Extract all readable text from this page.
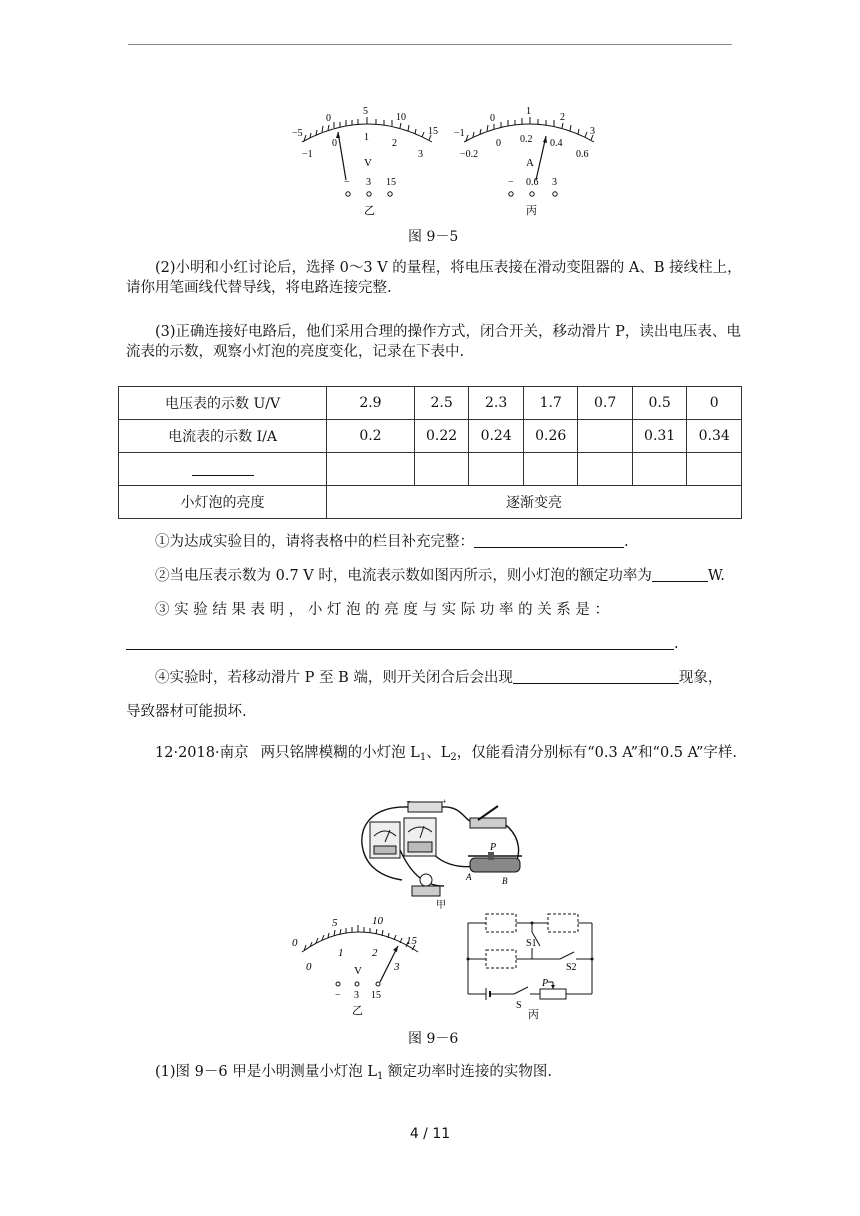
−5
0
5
10
15
−1
0
1
2
3
V
− 3 15
乙
−1
0
1
2
3
−0.2
0 0.2 0.4
0.6
A
− 0.6 3
丙
图 9－5
(2)小明和小红讨论后，选择 0～3 V 的量程，将电压表接在滑动变阻器的 A、B 接线柱上，请你用笔画线代替导线，将电路连接完整.
(3)正确连接好电路后，他们采用合理的操作方式，闭合开关，移动滑片 P，读出电压表、电流表的示数，观察小灯泡的亮度变化，记录在下表中.
电压表的示数 U/V	2.9	2.5	2.3	1.7	0.7	0.5	0
电流表的示数 I/A	0.2	0.22	0.24	0.26		0.31	0.34

小灯泡的亮度	逐渐变亮						
①为达成实验目的，请将表格中的栏目补充完整：	.
②当电压表示数为 0.7 V 时，电流表示数如图丙所示，则小灯泡的额定功率为	W.
③ 实 验 结 果 表 明 ， 小 灯 泡 的 亮 度 与 实 际 功 率 的 关 系 是 ：
.
④实验时，若移动滑片 P 至 B 端，则开关闭合后会出现	现象，
导致器材可能损坏.
12·2018·南京 两只铭牌模糊的小灯泡 $L_1$、$L_2$，仅能看清分别标有“0.3 A”和“0.5 A”字样.
−	+
P
A	B
甲
0
5	10
15
0
1	2
3
V
− 3 15
乙
S1
S2
S
P
丙
图 9－6
(1)图 9－6 甲是小明测量小灯泡 $L_1$ 额定功率时连接的实物图.
4 / 11
